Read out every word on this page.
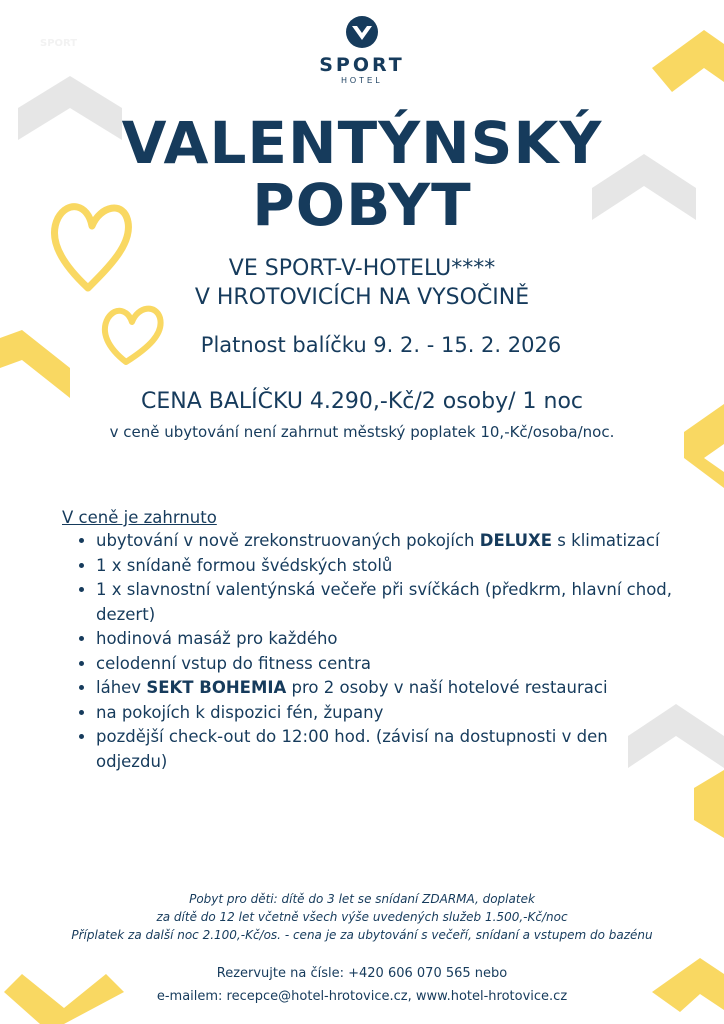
SPORT
SPORT
HOTEL
VALENTÝNSKÝ
POBYT
VE SPORT-V-HOTELU****
V HROTOVICÍCH NA VYSOČINĚ
Platnost balíčku 9. 2. - 15. 2. 2026
CENA BALÍČKU 4.290,-Kč/2 osoby/ 1 noc
v ceně ubytování není zahrnut městský poplatek 10,-Kč/osoba/noc.
V ceně je zahrnuto
• ubytování v nově zrekonstruovaných pokojích DELUXE s klimatizací
• 1 x snídaně formou švédských stolů
• 1 x slavnostní valentýnská večeře při svíčkách (předkrm, hlavní chod, dezert)
• hodinová masáž pro každého
• celodenní vstup do fitness centra
• láhev SEKT BOHEMIA pro 2 osoby v naší hotelové restauraci
• na pokojích k dispozici fén, župany
• pozdější check-out do 12:00 hod. (závisí na dostupnosti v den odjezdu)
Pobyt pro děti: dítě do 3 let se snídaní ZDARMA, doplatek
za dítě do 12 let včetně všech výše uvedených služeb 1.500,-Kč/noc
Příplatek za další noc 2.100,-Kč/os. - cena je za ubytování s večeří, snídaní a vstupem do bazénu
Rezervujte na čísle: +420 606 070 565 nebo
e-mailem: recepce@hotel-hrotovice.cz, www.hotel-hrotovice.cz
